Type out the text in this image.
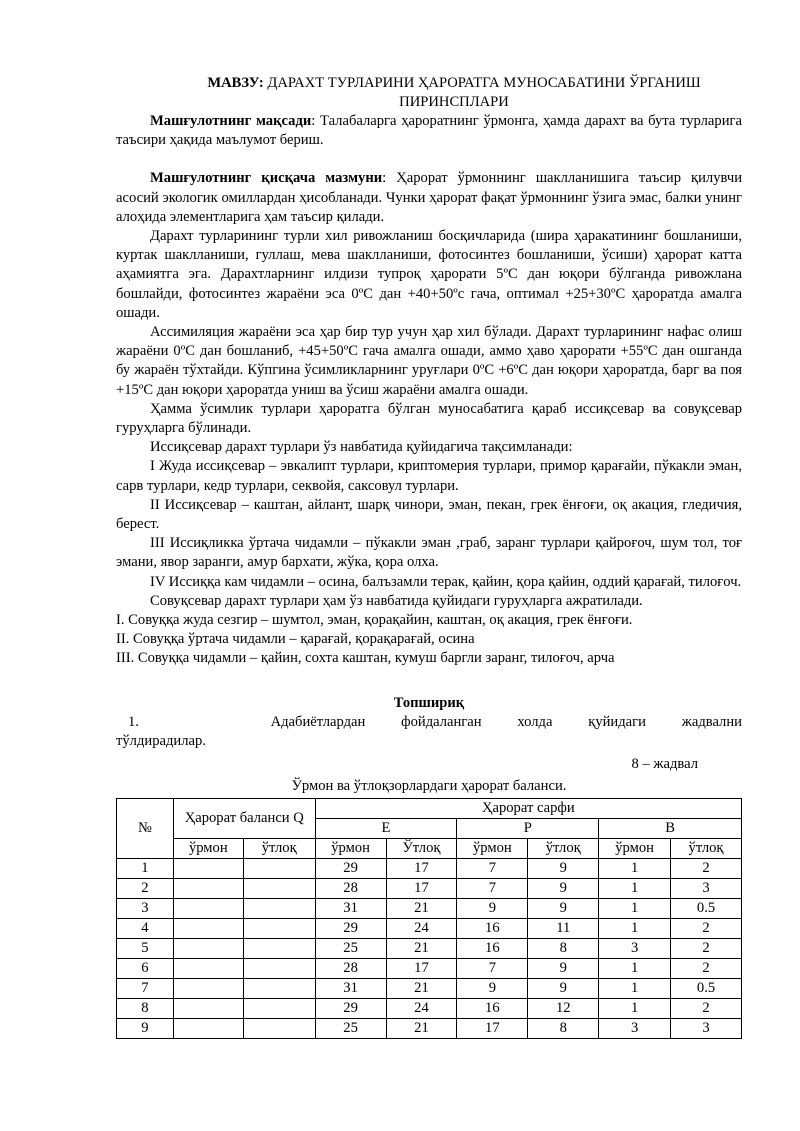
МАВЗУ: ДАРАХТ ТУРЛАРИНИ ҲАРОРАТГА МУНОСАБАТИНИ ЎРГАНИШ ПИРИНСПЛАРИ

Машғулотнинг мақсади: Талабаларга ҳароратнинг ўрмонга, ҳамда дарахт ва бута турларига таъсири ҳақида маълумот бериш.

Машғулотнинг қисқача мазмуни: Ҳарорат ўрмоннинг шаклланишига таъсир қилувчи асосий экологик омиллардан ҳисобланади. Чунки ҳарорат фақат ўрмоннинг ўзига эмас, балки унинг алоҳида элементларига ҳам таъсир қилади.

Дарахт турларининг турли хил ривожланиш босқичларида (шира ҳаракатининг бошланиши, куртак шаклланиши, гуллаш, мева шаклланиши, фотосинтез бошланиши, ўсиши) ҳарорат катта аҳамиятга эга. Дарахтларнинг илдизи тупроқ ҳарорати 5ºС дан юқори бўлганда ривожлана бошлайди, фотосинтез жараёни эса 0ºС дан +40+50ºс гача, оптимал +25+30ºС ҳароратда амалга ошади.

Ассимиляция жараёни эса ҳар бир тур учун ҳар хил бўлади. Дарахт турларининг нафас олиш жараёни 0ºС дан бошланиб, +45+50ºС гача амалга ошади, аммо ҳаво ҳарорати +55ºС дан ошганда бу жараён тўхтайди. Кўпгина ўсимликларнинг уруғлари 0ºС +6ºС дан юқори ҳароратда, барг ва поя +15ºС дан юқори ҳароратда униш ва ўсиш жараёни амалга ошади.

Ҳамма ўсимлик турлари ҳароратга бўлган муносабатига қараб иссиқсевар ва совуқсевар гуруҳларга бўлинади.

Иссиқсевар дарахт турлари ўз навбатида қуйидагича тақсимланади:

I Жуда иссиқсевар – эвкалипт турлари, криптомерия турлари, примор қарағайи, пўкакли эман, сарв турлари, кедр турлари, секвойя, саксовул турлари.

II Иссиқсевар – каштан, айлант, шарқ чинори, эман, пекан, грек ёнғоғи, оқ акация, гледичия, берест.

III Иссиқликка ўртача чидамли – пўкакли эман ,граб, заранг турлари қайроғоч, шум тол, тоғ эмани, явор заранги, амур бархати, жўка, қора олха.

IV Иссиққа кам чидамли – осина, балъзамли терак, қайин, қора қайин, оддий қарағай, тилоғоч.

Совуқсевар дарахт турлари ҳам ўз навбатида қуйидаги гуруҳларга ажратилади.

I. Совуққа жуда сезгир – шумтол, эман, қорақайин, каштан, оқ акация, грек ёнғоғи.

II. Совуққа ўртача чидамли – қарағай, қорақарағай, осина

III. Совуққа чидамли – қайин, сохта каштан, кумуш баргли заранг, тилоғоч, арча

Топшириқ

1.	Адабиётлардан фойдаланган холда қуйидаги жадвални

тўлдирадилар.

8 – жадвал

Ўрмон ва ўтлоқзорлардаги ҳарорат баланси.

№	Ҳарорат баланси Q		Ҳарорат сарфи					
			E		P		B	
	ўрмон	ўтлоқ	ўрмон	Ўтлоқ	ўрмон	ўтлоқ	ўрмон	ўтлоқ
1			29	17	7	9	1	2
2			28	17	7	9	1	3
3			31	21	9	9	1	0.5
4			29	24	16	11	1	2
5			25	21	16	8	3	2
6			28	17	7	9	1	2
7			31	21	9	9	1	0.5
8			29	24	16	12	1	2
9			25	21	17	8	3	3
